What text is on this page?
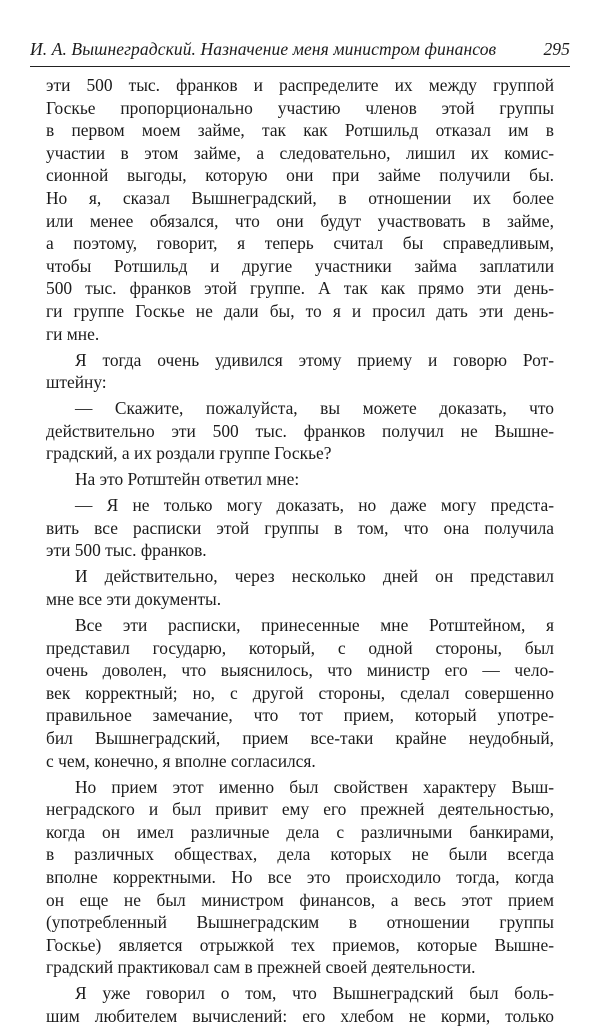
И. А. Вышнеградский. Назначение меня министром финансов	295
эти 500 тыс. франков и распределите их между группой
Госкье пропорционально участию членов этой группы
в первом моем займе, так как Ротшильд отказал им в
участии в этом займе, а следовательно, лишил их комис-
сионной выгоды, которую они при займе получили бы.
Но я, сказал Вышнеградский, в отношении их более
или менее обязался, что они будут участвовать в займе,
а поэтому, говорит, я теперь считал бы справедливым,
чтобы Ротшильд и другие участники займа заплатили
500 тыс. франков этой группе. А так как прямо эти день-
ги группе Госкье не дали бы, то я и просил дать эти день-
ги мне.
Я тогда очень удивился этому приему и говорю Рот-
штейну:
— Скажите, пожалуйста, вы можете доказать, что
действительно эти 500 тыс. франков получил не Вышне-
градский, а их роздали группе Госкье?
На это Ротштейн ответил мне:
— Я не только могу доказать, но даже могу предста-
вить все расписки этой группы в том, что она получила
эти 500 тыс. франков.
И действительно, через несколько дней он представил
мне все эти документы.
Все эти расписки, принесенные мне Ротштейном, я
представил государю, который, с одной стороны, был
очень доволен, что выяснилось, что министр его — чело-
век корректный; но, с другой стороны, сделал совершенно
правильное замечание, что тот прием, который употре-
бил Вышнеградский, прием все-таки крайне неудобный,
с чем, конечно, я вполне согласился.
Но прием этот именно был свойствен характеру Выш-
неградского и был привит ему его прежней деятельностью,
когда он имел различные дела с различными банкирами,
в различных обществах, дела которых не были всегда
вполне корректными. Но все это происходило тогда, когда
он еще не был министром финансов, а весь этот прием
(употребленный Вышнеградским в отношении группы
Госкье) является отрыжкой тех приемов, которые Вышне-
градский практиковал сам в прежней своей деятельности.
Я уже говорил о том, что Вышнеградский был боль-
шим любителем вычислений: его хлебом не корми, только
